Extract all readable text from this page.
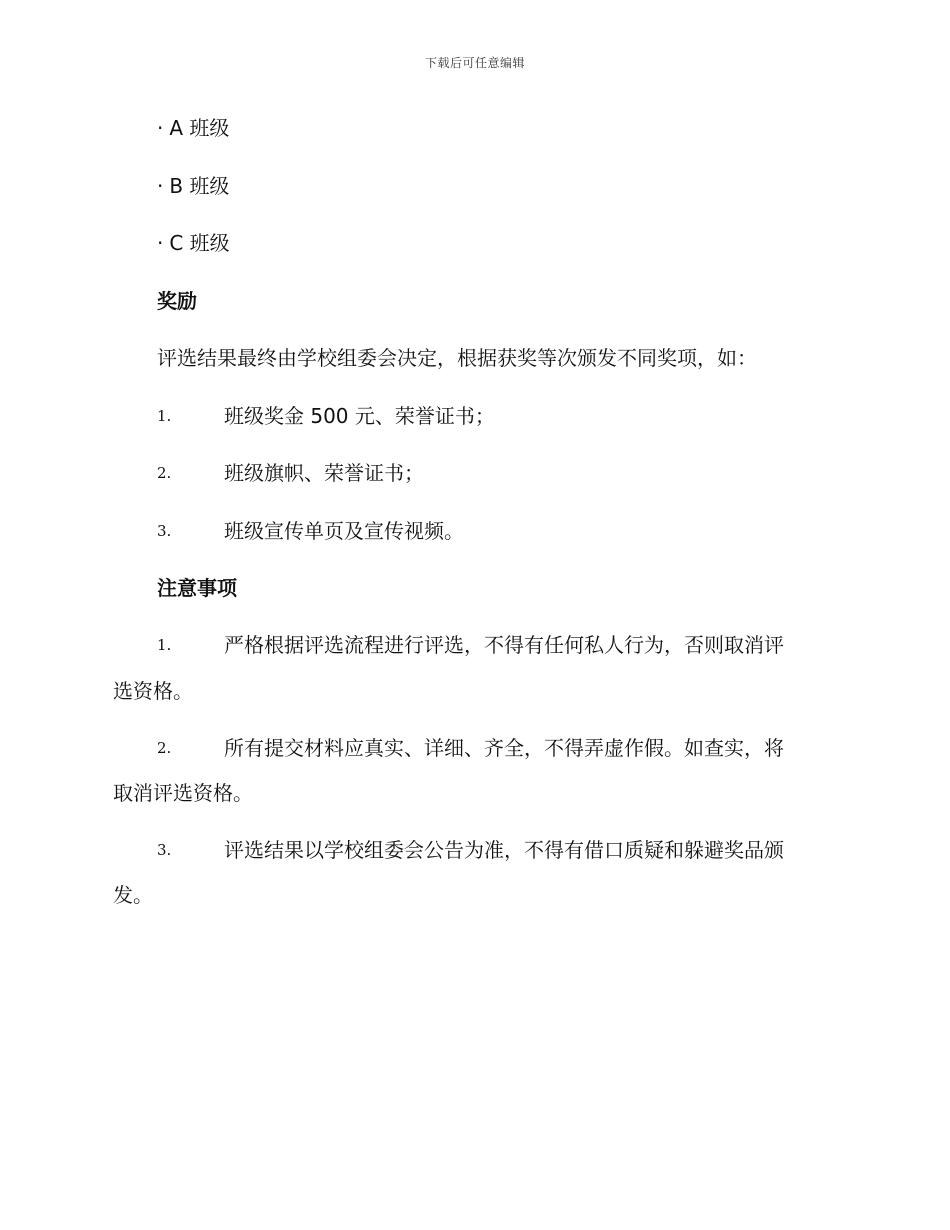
下载后可任意编辑
· A 班级
· B 班级
· C 班级
奖励
评选结果最终由学校组委会决定，根据获奖等次颁发不同奖项，如：
1.	班级奖金 500 元、荣誉证书；
2.	班级旗帜、荣誉证书；
3.	班级宣传单页及宣传视频。
注意事项
1.	严格根据评选流程进行评选，不得有任何私人行为，否则取消评
选资格。
2.	所有提交材料应真实、详细、齐全，不得弄虚作假。如查实，将
取消评选资格。
3.	评选结果以学校组委会公告为准，不得有借口质疑和躲避奖品颁
发。
